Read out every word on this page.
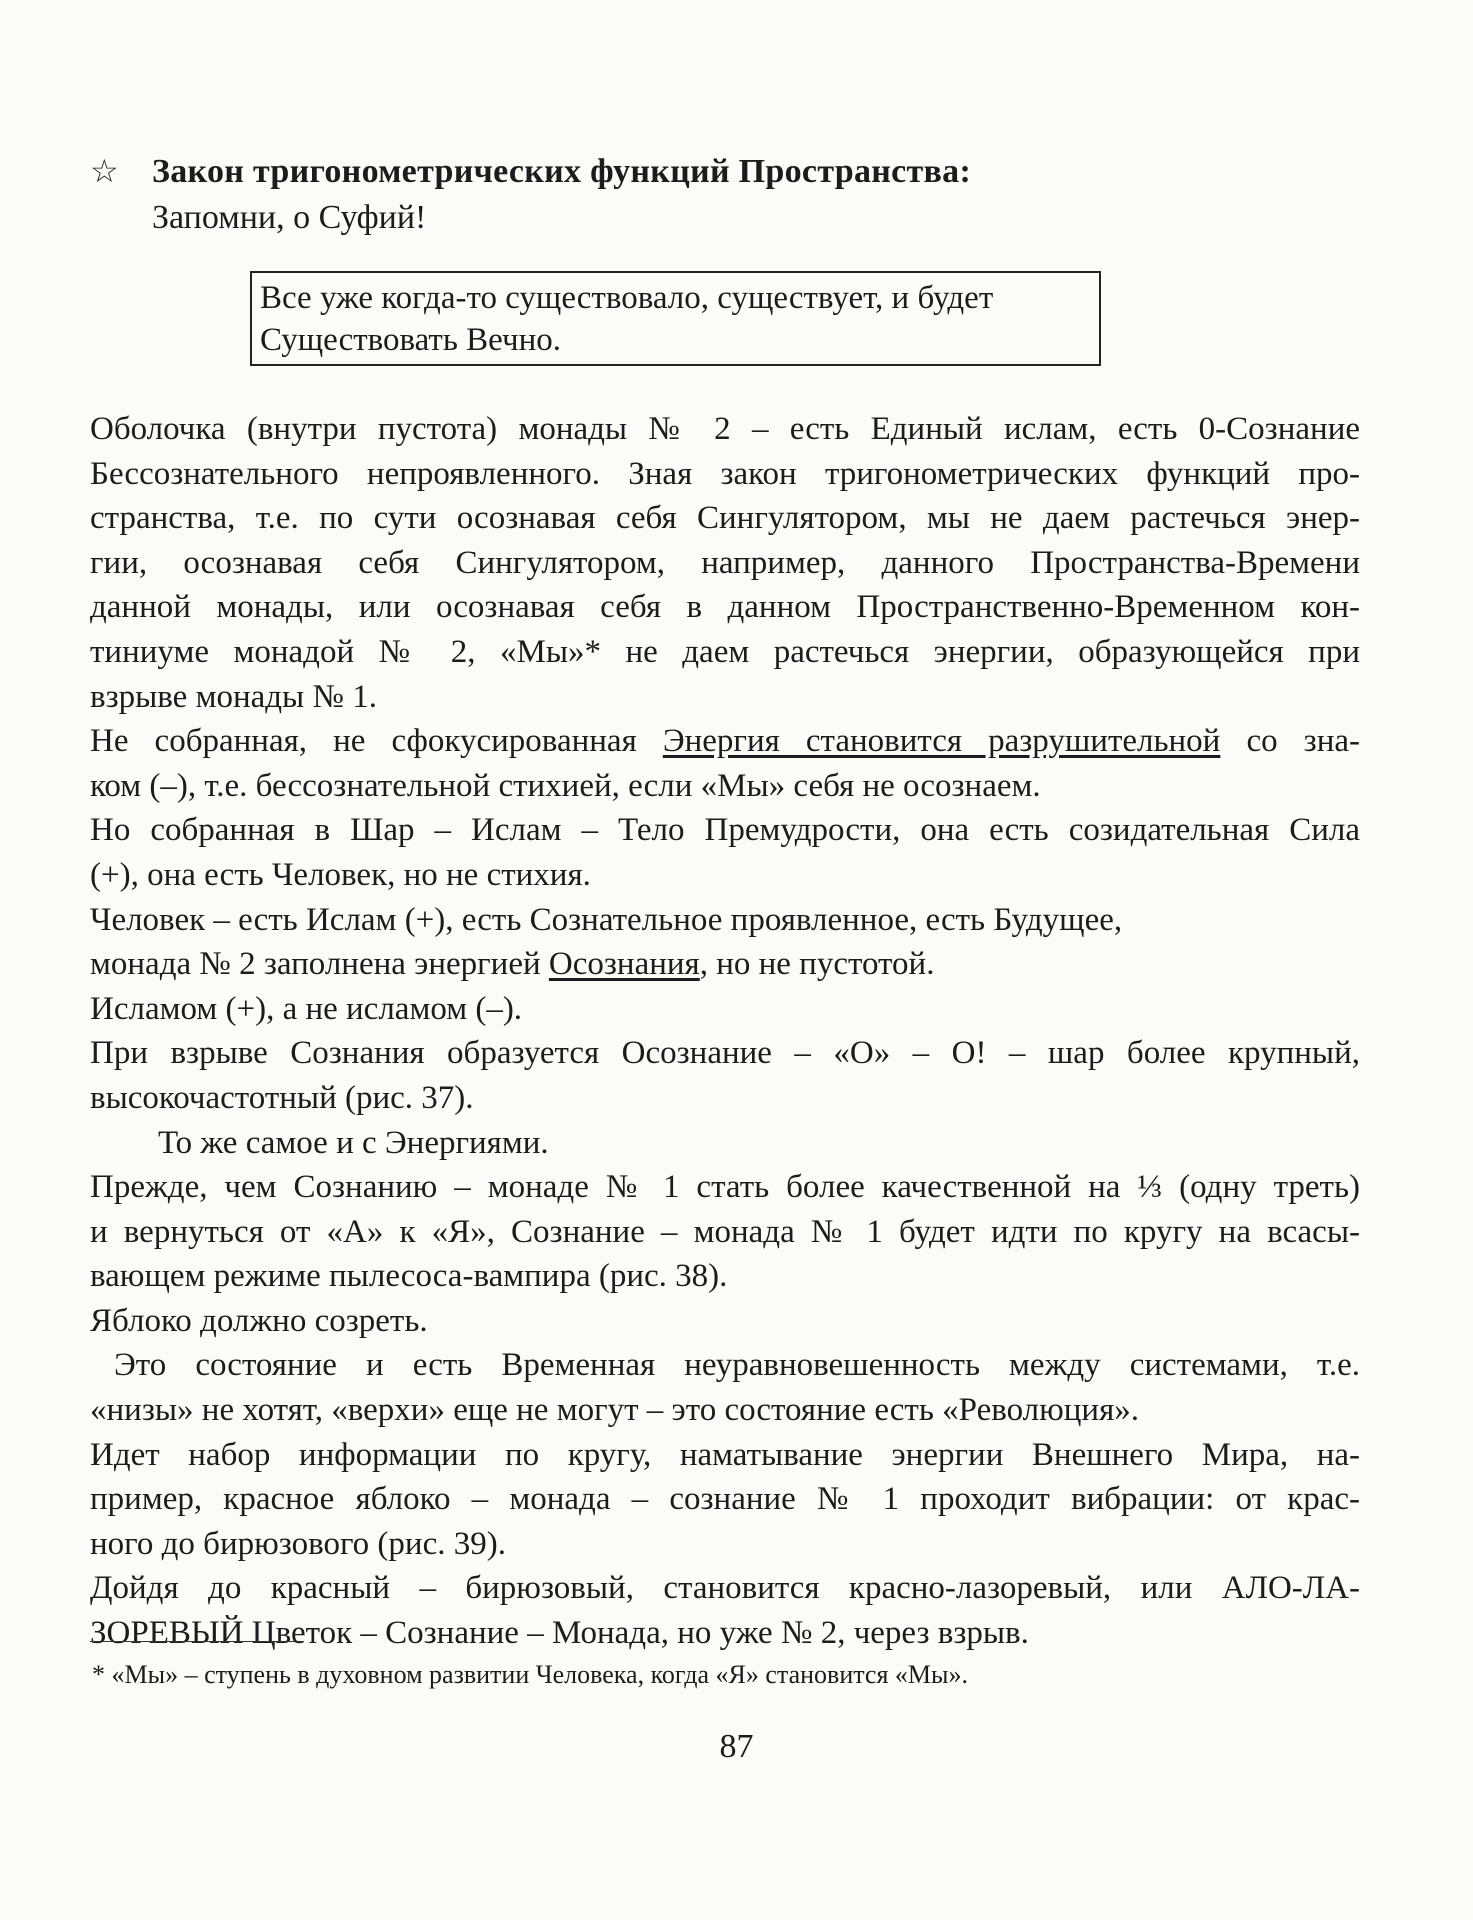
☆ Закон тригонометрических функций Пространства:
Запомни, о Суфий!
Все уже когда-то существовало, существует, и будет
Существовать Вечно.
Оболочка (внутри пустота) монады № 2 – есть Единый ислам, есть 0-Сознание
Бессознательного непроявленного. Зная закон тригонометрических функций про-
странства, т.е. по сути осознавая себя Сингулятором, мы не даем растечься энер-
гии, осознавая себя Сингулятором, например, данного Пространства-Времени
данной монады, или осознавая себя в данном Пространственно-Временном кон-
тиниуме монадой № 2, «Мы»* не даем растечься энергии, образующейся при
взрыве монады № 1.
Не собранная, не сфокусированная Энергия становится разрушительной со зна-
ком (–), т.е. бессознательной стихией, если «Мы» себя не осознаем.
Но собранная в Шар – Ислам – Тело Премудрости, она есть созидательная Сила
(+), она есть Человек, но не стихия.
Человек – есть Ислам (+), есть Сознательное проявленное, есть Будущее,
монада № 2 заполнена энергией Осознания, но не пустотой.
Исламом (+), а не исламом (–).
При взрыве Сознания образуется Осознание – «О» – О! – шар более крупный,
высокочастотный (рис. 37).
То же самое и с Энергиями.
Прежде, чем Сознанию – монаде № 1 стать более качественной на ⅓ (одну треть)
и вернуться от «А» к «Я», Сознание – монада № 1 будет идти по кругу на всасы-
вающем режиме пылесоса-вампира (рис. 38).
Яблоко должно созреть.
Это состояние и есть Временная неуравновешенность между системами, т.е.
«низы» не хотят, «верхи» еще не могут – это состояние есть «Революция».
Идет набор информации по кругу, наматывание энергии Внешнего Мира, на-
пример, красное яблоко – монада – сознание № 1 проходит вибрации: от крас-
ного до бирюзового (рис. 39).
Дойдя до красный – бирюзовый, становится красно-лазоревый, или АЛО-ЛА-
ЗОРЕВЫЙ Цветок – Сознание – Монада, но уже № 2, через взрыв.
* «Мы» – ступень в духовном развитии Человека, когда «Я» становится «Мы».
87
